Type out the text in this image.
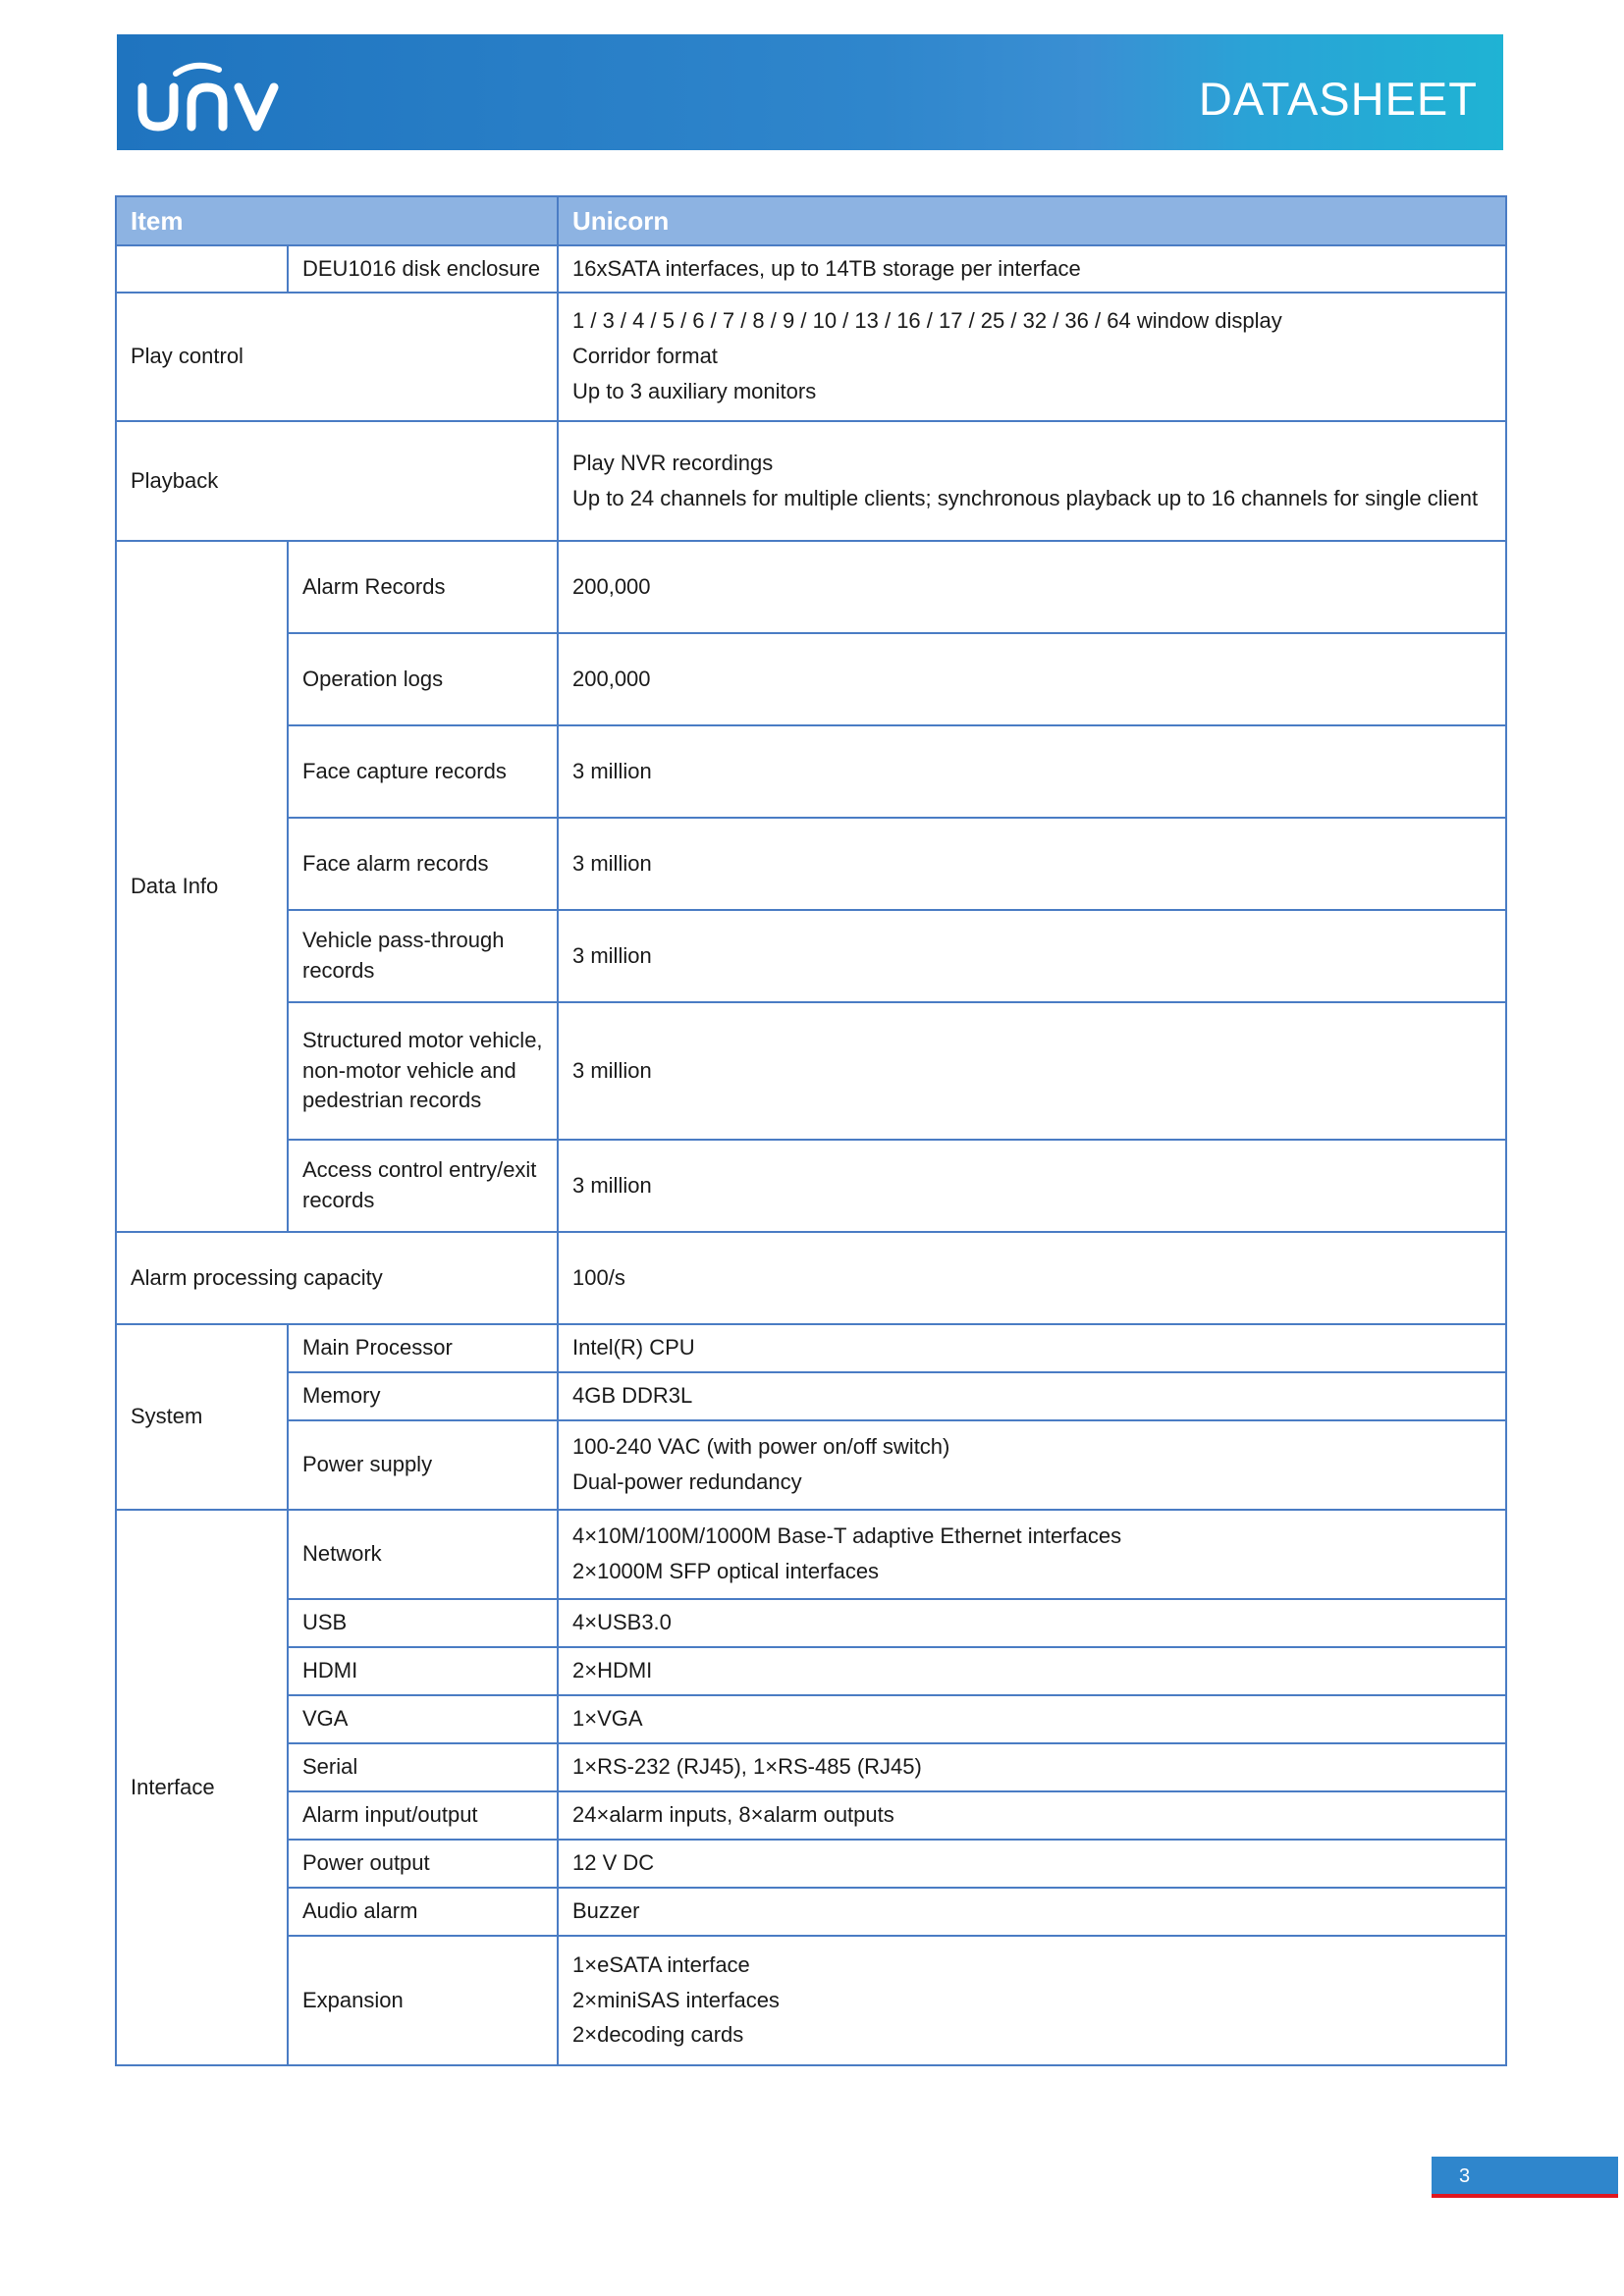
DATASHEET
Item		Unicorn
	DEU1016 disk enclosure	16xSATA interfaces, up to 14TB storage per interface
Play control		1 / 3 / 4 / 5 / 6 / 7 / 8 / 9 / 10 / 13 / 16 / 17 / 25 / 32 / 36 / 64 window display

Corridor format

Up to 3 auxiliary monitors

Playback		Play NVR recordings

Up to 24 channels for multiple clients; synchronous playback up to 16 channels for single client

Data Info	Alarm Records	200,000
	Operation logs	200,000
	Face capture records	3 million
	Face alarm records	3 million
	Vehicle pass-through records	3 million
	Structured motor vehicle, non-motor vehicle and pedestrian records	3 million
	Access control entry/exit records	3 million
Alarm processing capacity		100/s
System	Main Processor	Intel(R) CPU
	Memory	4GB DDR3L
	Power supply	100-240 VAC (with power on/off switch)

Dual-power redundancy

Interface	Network	4×10M/100M/1000M Base-T adaptive Ethernet interfaces

2×1000M SFP optical interfaces

	USB	4×USB3.0
	HDMI	2×HDMI
	VGA	1×VGA
	Serial	1×RS-232 (RJ45), 1×RS-485 (RJ45)
	Alarm input/output	24×alarm inputs, 8×alarm outputs
	Power output	12 V DC
	Audio alarm	Buzzer
	Expansion	1×eSATA interface

2×miniSAS interfaces

2×decoding cards

3
